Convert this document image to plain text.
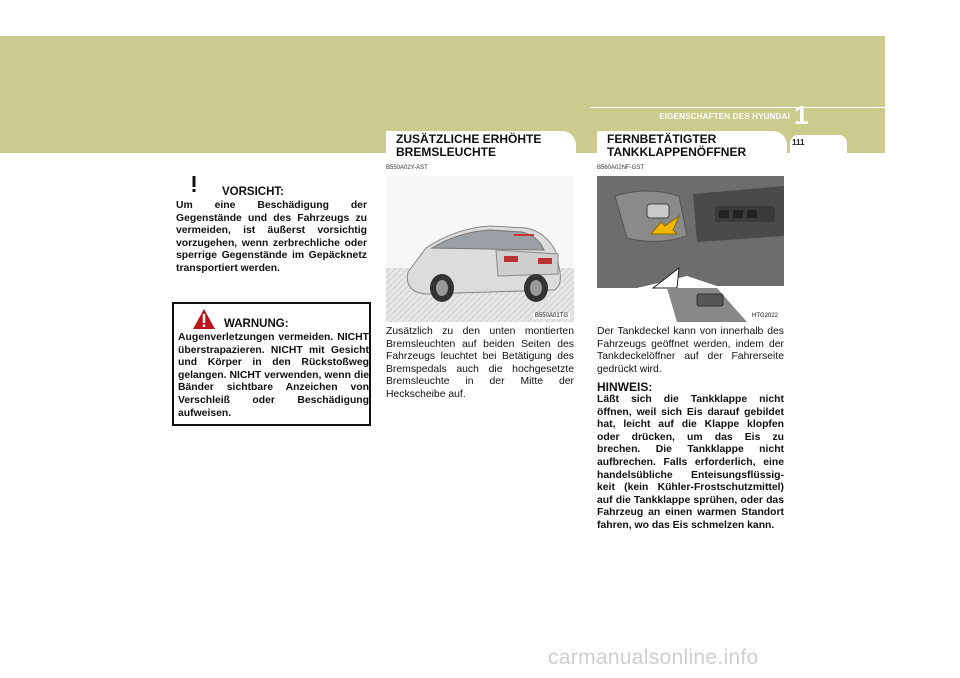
EIGENSCHAFTEN DES HYUNDAI 1
111
ZUSÄTZLICHE ERHÖHTE
BREMSLEUCHTE
FERNBETÄTIGTER
TANKKLAPPENÖFFNER
B550A02Y-AST	B560A02NF-GST
B550A01TG	HTG2022
Zusätzlich zu den unten montierten Bremsleuchten auf beiden Seiten des Fahrzeugs leuchtet bei Betätigung des Bremspedals auch die hochgesetzte Bremsleuchte in der Mitte der Heckscheibe auf.
Der Tankdeckel kann von innerhalb des Fahrzeugs geöffnet werden, indem der Tankdeckelöffner auf der Fahrerseite gedrückt wird.
HINWEIS:
Läßt sich die Tankklappe nicht öffnen, weil sich Eis darauf gebildet hat, leicht auf die Klappe klopfen oder drücken, um das Eis zu brechen. Die Tankklappe nicht aufbrechen. Falls erforderlich, eine handelsübliche Enteisungsflüssig-keit (kein Kühler-Frostschutzmittel) auf die Tankklappe sprühen, oder das Fahrzeug an einen warmen Standort fahren, wo das Eis schmelzen kann.
VORSICHT:
Um eine Beschädigung der Gegenstände und des Fahrzeugs zu vermeiden, ist äußerst vorsichtig vorzugehen, wenn zerbrechliche oder sperrige Gegenstände im Gepäcknetz transportiert werden.
WARNUNG:
Augenverletzungen vermeiden. NICHT überstrapazieren. NICHT mit Gesicht und Körper in den Rückstoßweg gelangen. NICHT verwenden, wenn die Bänder sichtbare Anzeichen von Verschleiß oder Beschädigung aufweisen.
carmanualsonline.info
